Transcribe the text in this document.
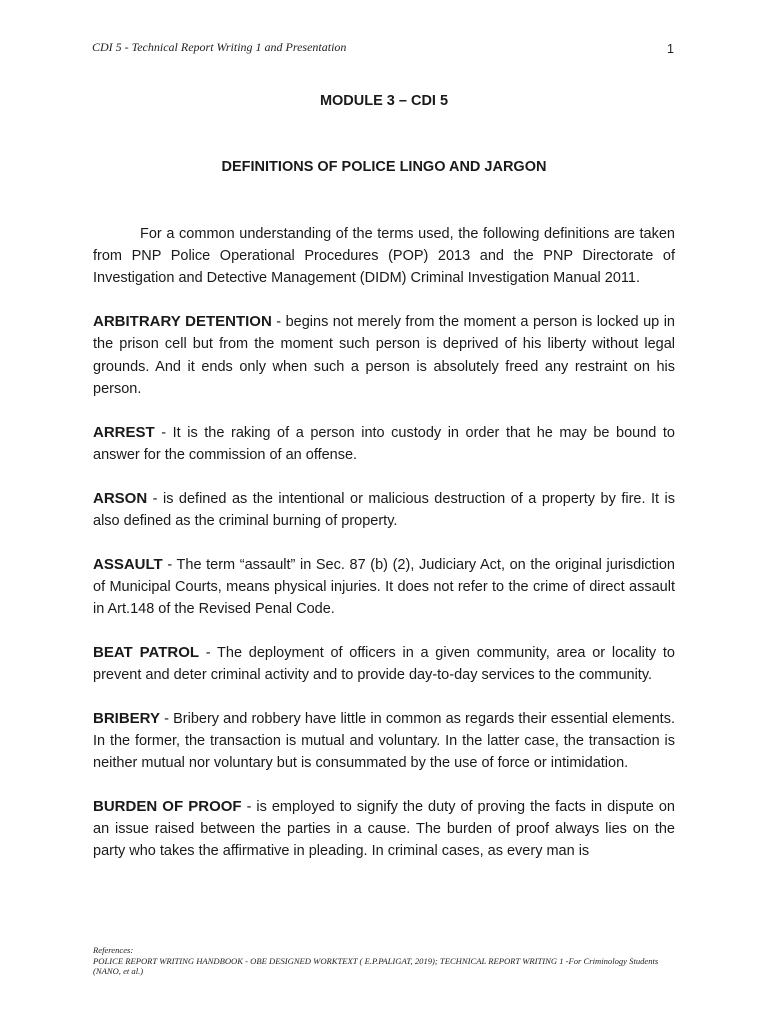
CDI 5 - Technical Report Writing 1 and Presentation	1
MODULE 3 – CDI 5
DEFINITIONS OF POLICE LINGO AND JARGON

For a common understanding of the terms used, the following definitions are taken from PNP Police Operational Procedures (POP) 2013 and the PNP Directorate of Investigation and Detective Management (DIDM) Criminal Investigation Manual 2011.

ARBITRARY DETENTION - begins not merely from the moment a person is locked up in the prison cell but from the moment such person is deprived of his liberty without legal grounds. And it ends only when such a person is absolutely freed any restraint on his person.

ARREST - It is the raking of a person into custody in order that he may be bound to answer for the commission of an offense.

ARSON - is defined as the intentional or malicious destruction of a property by fire. It is also defined as the criminal burning of property.

ASSAULT - The term “assault” in Sec. 87 (b) (2), Judiciary Act, on the original jurisdiction of Municipal Courts, means physical injuries. It does not refer to the crime of direct assault in Art.148 of the Revised Penal Code.

BEAT PATROL - The deployment of officers in a given community, area or locality to prevent and deter criminal activity and to provide day-to-day services to the community.

BRIBERY - Bribery and robbery have little in common as regards their essential elements. In the former, the transaction is mutual and voluntary. In the latter case, the transaction is neither mutual nor voluntary but is consummated by the use of force or intimidation.

BURDEN OF PROOF - is employed to signify the duty of proving the facts in dispute on an issue raised between the parties in a cause. The burden of proof always lies on the party who takes the affirmative in pleading. In criminal cases, as every man is

References:
POLICE REPORT WRITING HANDBOOK - OBE DESIGNED WORKTEXT ( E.P.PALIGAT, 2019); TECHNICAL REPORT WRITING 1 -For Criminology Students (NANO, et al.)
